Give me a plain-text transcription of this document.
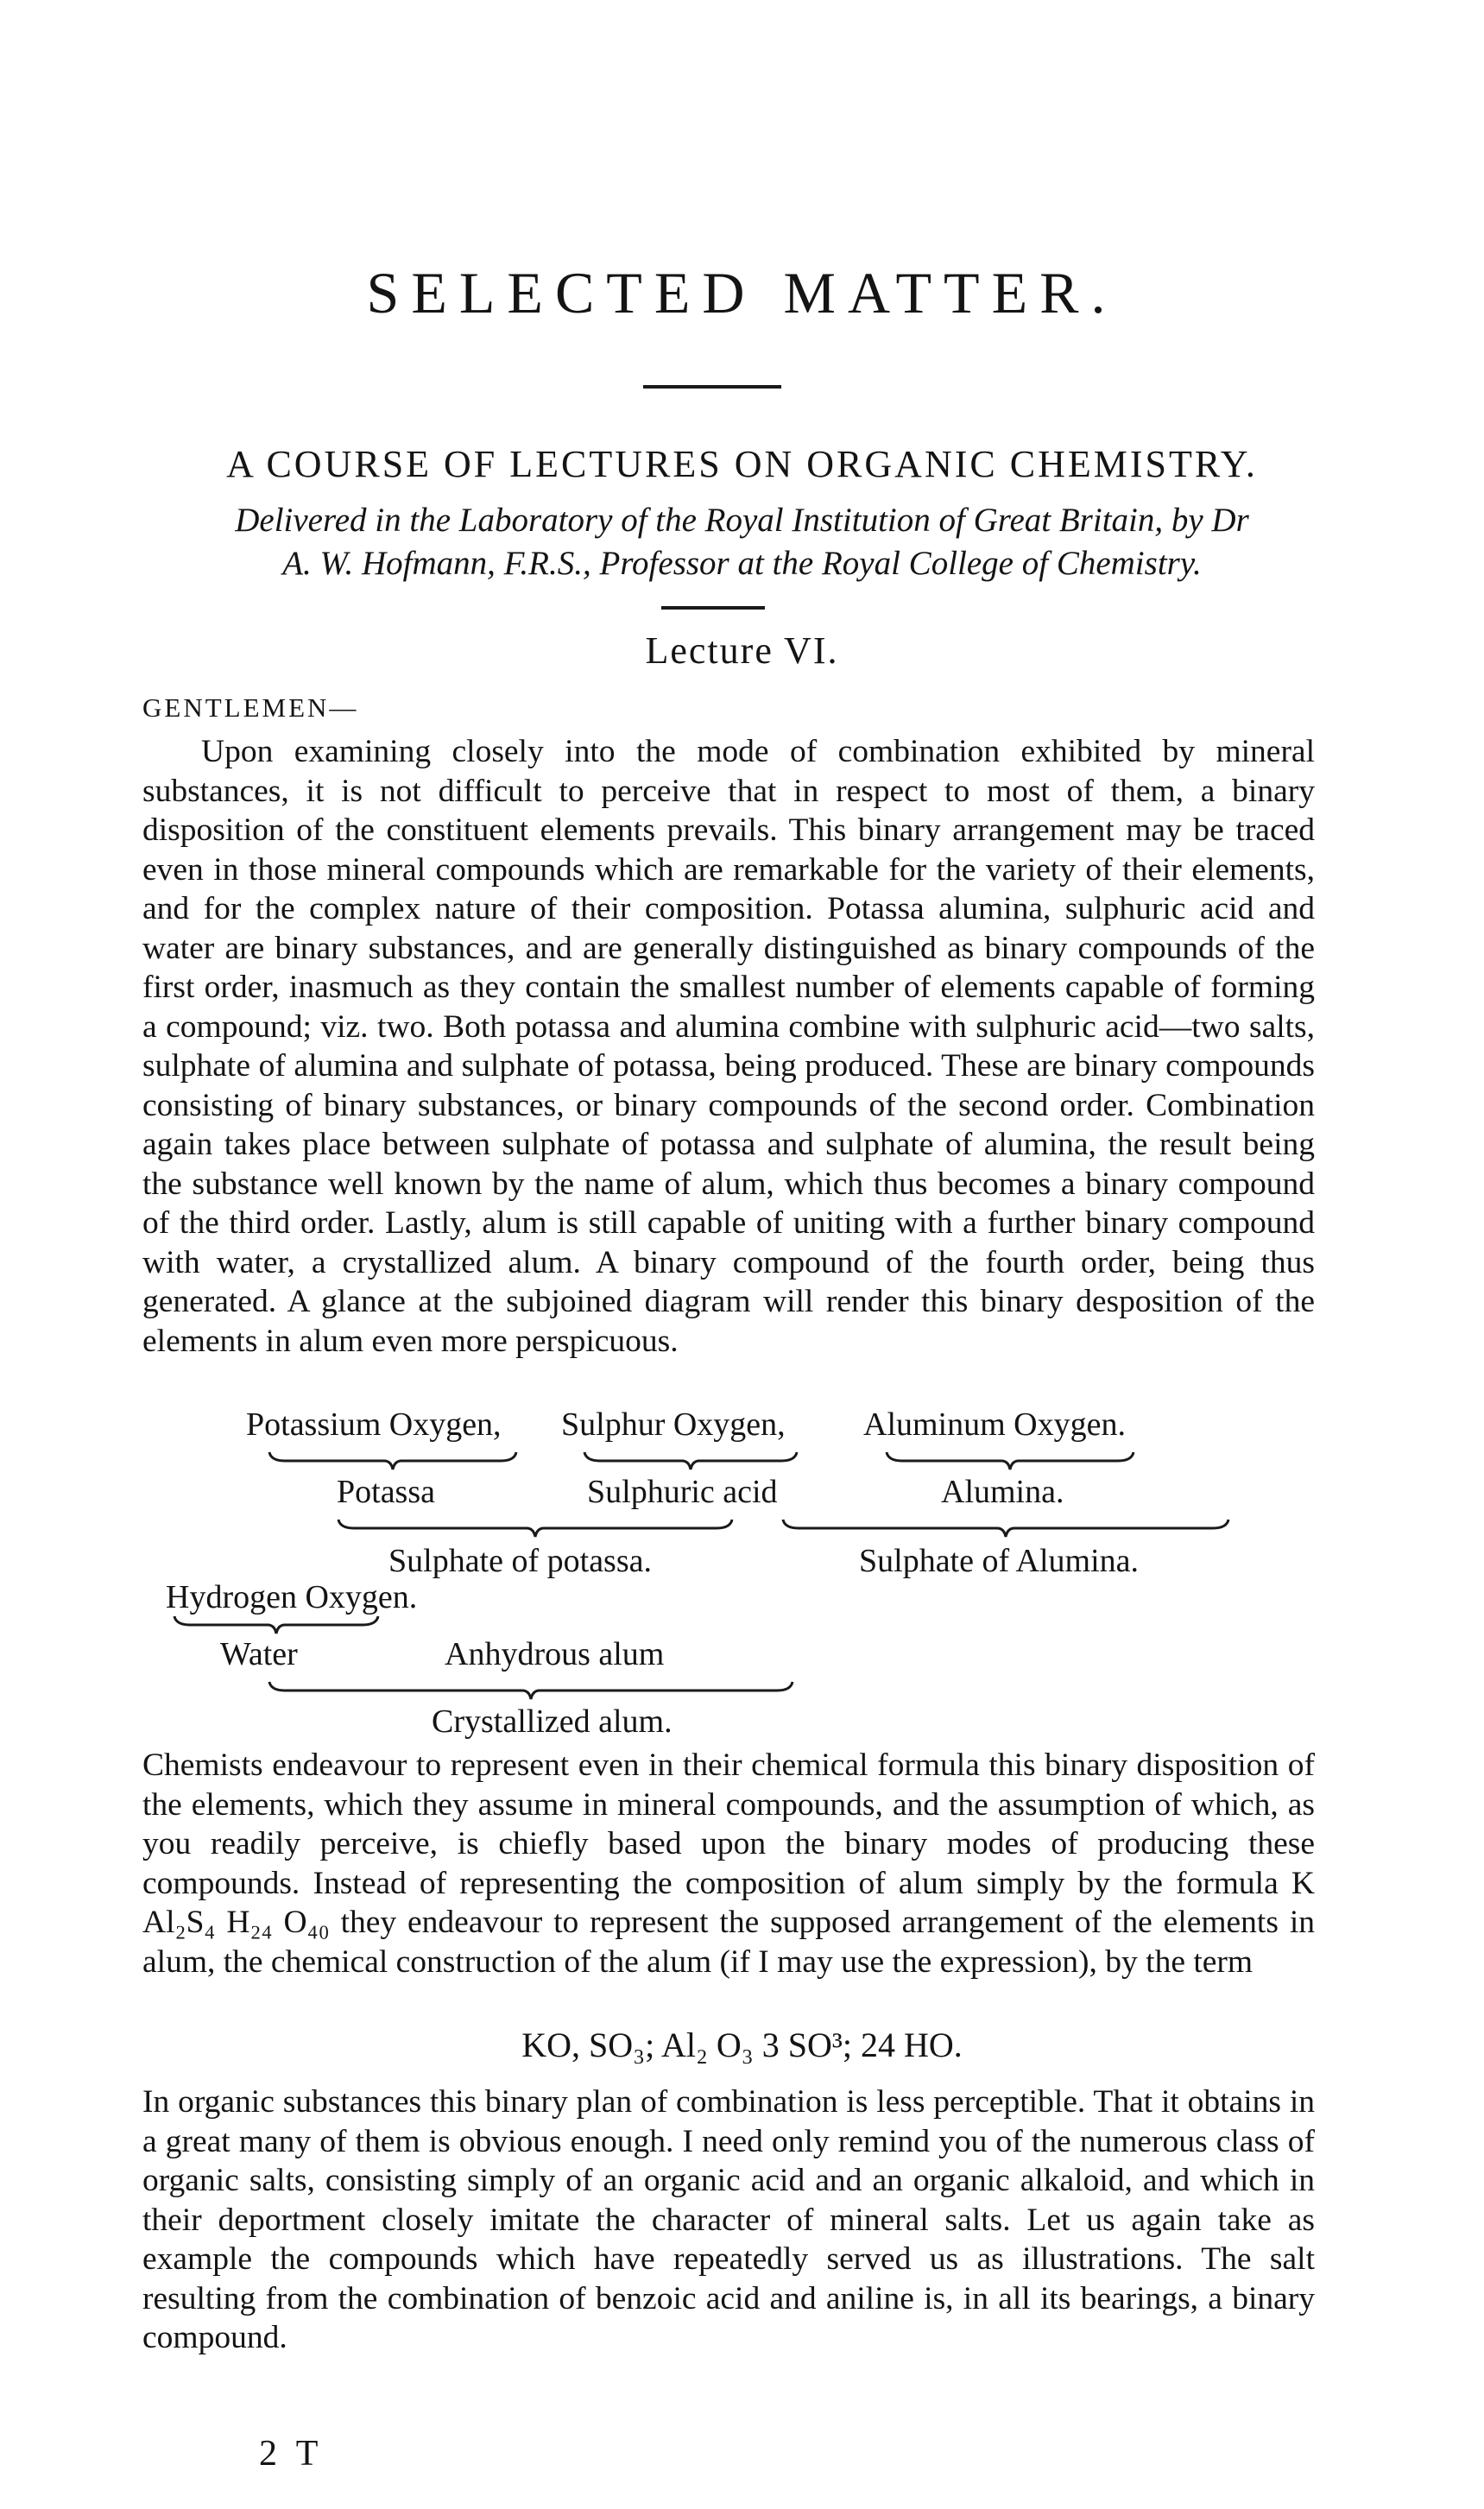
SELECTED MATTER.
A COURSE OF LECTURES ON ORGANIC CHEMISTRY.
Delivered in the Laboratory of the Royal Institution of Great Britain, by Dr
A. W. Hofmann, F.R.S., Professor at the Royal College of Chemistry.
Lecture VI.
GENTLEMEN—
Upon examining closely into the mode of combination exhibited by mineral substances, it is not difficult to perceive that in respect to most of them, a binary disposition of the constituent elements prevails. This binary arrangement may be traced even in those mineral compounds which are remarkable for the variety of their elements, and for the complex nature of their composition. Potassa alumina, sulphuric acid and water are binary substances, and are generally distinguished as binary compounds of the first order, inasmuch as they contain the smallest number of elements capable of forming a compound; viz. two. Both potassa and alumina combine with sulphuric acid—two salts, sulphate of alumina and sulphate of potassa, being produced. These are binary compounds consisting of binary substances, or binary compounds of the second order. Combination again takes place between sulphate of potassa and sulphate of alumina, the result being the substance well known by the name of alum, which thus becomes a binary compound of the third order. Lastly, alum is still capable of uniting with a further binary compound with water, a crystallized alum. A binary compound of the fourth order, being thus generated. A glance at the subjoined diagram will render this binary desposition of the elements in alum even more perspicuous.
Potassium Oxygen, Sulphur Oxygen, Aluminum Oxygen.
Potassa	Sulphuric acid	Alumina.
Sulphate of potassa.	Sulphate of Alumina.
Hydrogen Oxygen.
Water	Anhydrous alum
Crystallized alum.
Chemists endeavour to represent even in their chemical formula this binary disposition of the elements, which they assume in mineral compounds, and the assumption of which, as you readily perceive, is chiefly based upon the binary modes of producing these compounds. Instead of representing the composition of alum simply by the formula K Al₂S₄ H₂₄ O₄₀ they endeavour to represent the supposed arrangement of the elements in alum, the chemical construction of the alum (if I may use the expression), by the term
KO, SO₃; Al₂ O₃ 3 SO³; 24 HO.
In organic substances this binary plan of combination is less perceptible. That it obtains in a great many of them is obvious enough. I need only remind you of the numerous class of organic salts, consisting simply of an organic acid and an organic alkaloid, and which in their deportment closely imitate the character of mineral salts. Let us again take as example the compounds which have repeatedly served us as illustrations. The salt resulting from the combination of benzoic acid and aniline is, in all its bearings, a binary compound.
2 T
